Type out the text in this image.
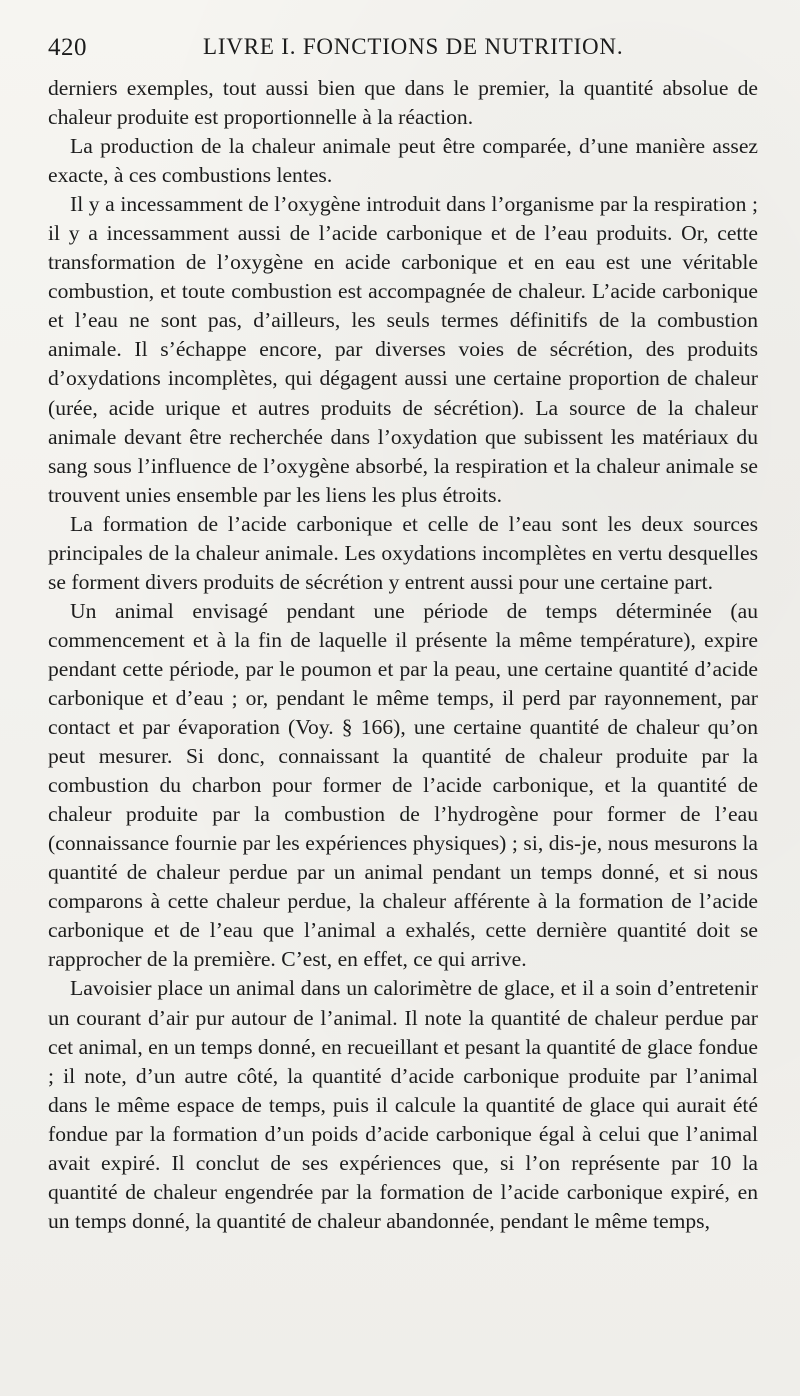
420	LIVRE I. FONCTIONS DE NUTRITION.

derniers exemples, tout aussi bien que dans le premier, la quantité absolue de chaleur produite est proportionnelle à la réaction.

La production de la chaleur animale peut être comparée, d’une manière assez exacte, à ces combustions lentes.

Il y a incessamment de l’oxygène introduit dans l’organisme par la respiration ; il y a incessamment aussi de l’acide carbonique et de l’eau produits. Or, cette transformation de l’oxygène en acide carbonique et en eau est une véritable combustion, et toute combustion est accompagnée de chaleur. L’acide carbonique et l’eau ne sont pas, d’ailleurs, les seuls termes définitifs de la combustion animale. Il s’échappe encore, par diverses voies de sécrétion, des produits d’oxydations incomplètes, qui dégagent aussi une certaine proportion de chaleur (urée, acide urique et autres produits de sécrétion). La source de la chaleur animale devant être recherchée dans l’oxydation que subissent les matériaux du sang sous l’influence de l’oxygène absorbé, la respiration et la chaleur animale se trouvent unies ensemble par les liens les plus étroits.

La formation de l’acide carbonique et celle de l’eau sont les deux sources principales de la chaleur animale. Les oxydations incomplètes en vertu desquelles se forment divers produits de sécrétion y entrent aussi pour une certaine part.

Un animal envisagé pendant une période de temps déterminée (au commencement et à la fin de laquelle il présente la même température), expire pendant cette période, par le poumon et par la peau, une certaine quantité d’acide carbonique et d’eau ; or, pendant le même temps, il perd par rayonnement, par contact et par évaporation (Voy. § 166), une certaine quantité de chaleur qu’on peut mesurer. Si donc, connaissant la quantité de chaleur produite par la combustion du charbon pour former de l’acide carbonique, et la quantité de chaleur produite par la combustion de l’hydrogène pour former de l’eau (connaissance fournie par les expériences physiques) ; si, dis-je, nous mesurons la quantité de chaleur perdue par un animal pendant un temps donné, et si nous comparons à cette chaleur perdue, la chaleur afférente à la formation de l’acide carbonique et de l’eau que l’animal a exhalés, cette dernière quantité doit se rapprocher de la première. C’est, en effet, ce qui arrive.

Lavoisier place un animal dans un calorimètre de glace, et il a soin d’entretenir un courant d’air pur autour de l’animal. Il note la quantité de chaleur perdue par cet animal, en un temps donné, en recueillant et pesant la quantité de glace fondue ; il note, d’un autre côté, la quantité d’acide carbonique produite par l’animal dans le même espace de temps, puis il calcule la quantité de glace qui aurait été fondue par la formation d’un poids d’acide carbonique égal à celui que l’animal avait expiré. Il conclut de ses expériences que, si l’on représente par 10 la quantité de chaleur engendrée par la formation de l’acide carbonique expiré, en un temps donné, la quantité de chaleur abandonnée, pendant le même temps,
